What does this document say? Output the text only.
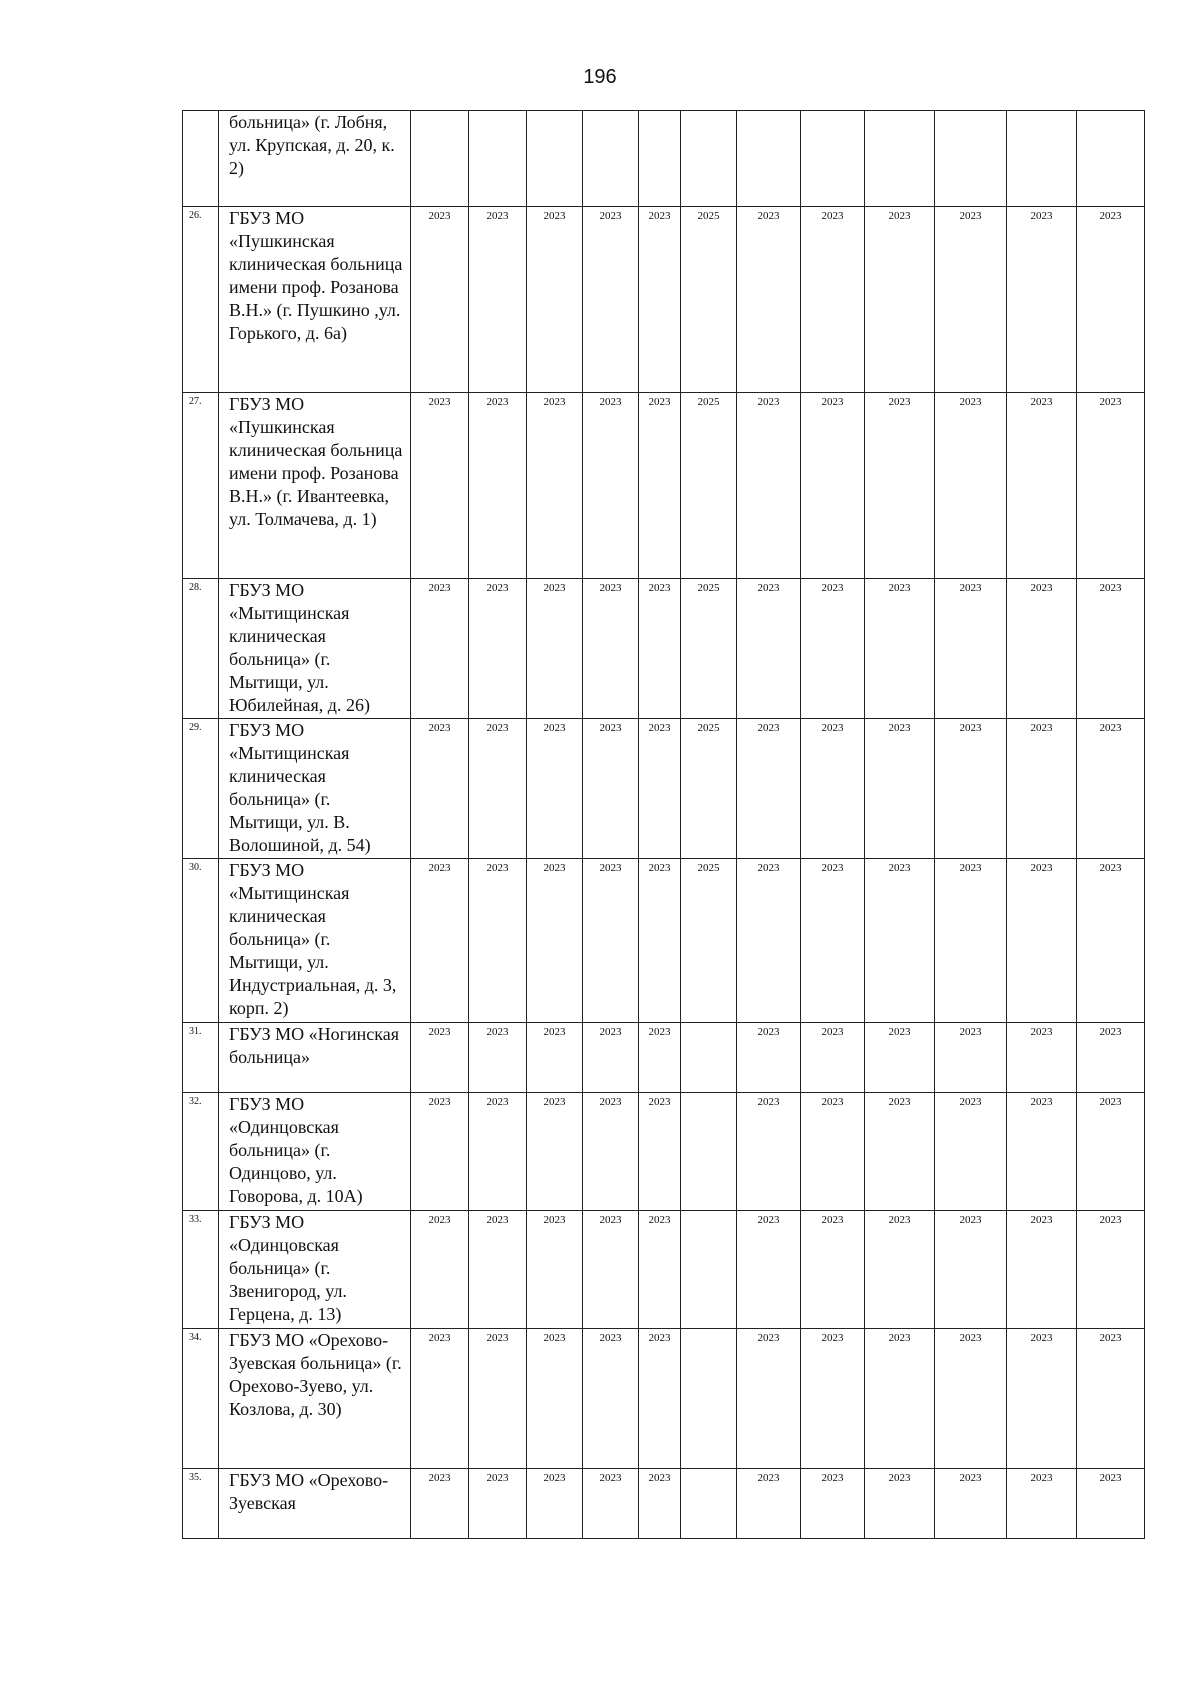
196
	больница» (г. Лобня, ул. Крупская, д. 20, к. 2)												
26.	ГБУЗ МО «Пушкинская клиническая больница имени проф. Розанова В.Н.» (г. Пушкино ,ул. Горького, д. 6а)	2023	2023	2023	2023	2023	2025	2023	2023	2023	2023	2023	2023
27.	ГБУЗ МО «Пушкинская клиническая больница имени проф. Розанова В.Н.» (г. Ивантеевка, ул. Толмачева, д. 1)	2023	2023	2023	2023	2023	2025	2023	2023	2023	2023	2023	2023
28.	ГБУЗ МО «Мытищинская клиническая больница» (г. Мытищи, ул. Юбилейная, д. 26)	2023	2023	2023	2023	2023	2025	2023	2023	2023	2023	2023	2023
29.	ГБУЗ МО «Мытищинская клиническая больница» (г. Мытищи, ул. В. Волошиной, д. 54)	2023	2023	2023	2023	2023	2025	2023	2023	2023	2023	2023	2023
30.	ГБУЗ МО «Мытищинская клиническая больница» (г. Мытищи, ул. Индустриальная, д. 3, корп. 2)	2023	2023	2023	2023	2023	2025	2023	2023	2023	2023	2023	2023
31.	ГБУЗ МО «Ногинская больница»	2023	2023	2023	2023	2023		2023	2023	2023	2023	2023	2023
32.	ГБУЗ МО «Одинцовская больница» (г. Одинцово, ул. Говорова, д. 10А)	2023	2023	2023	2023	2023		2023	2023	2023	2023	2023	2023
33.	ГБУЗ МО «Одинцовская больница» (г. Звенигород, ул. Герцена, д. 13)	2023	2023	2023	2023	2023		2023	2023	2023	2023	2023	2023
34.	ГБУЗ МО «Орехово-Зуевская больница» (г. Орехово-Зуево, ул. Козлова, д. 30)	2023	2023	2023	2023	2023		2023	2023	2023	2023	2023	2023
35.	ГБУЗ МО «Орехово-Зуевская	2023	2023	2023	2023	2023		2023	2023	2023	2023	2023	2023
